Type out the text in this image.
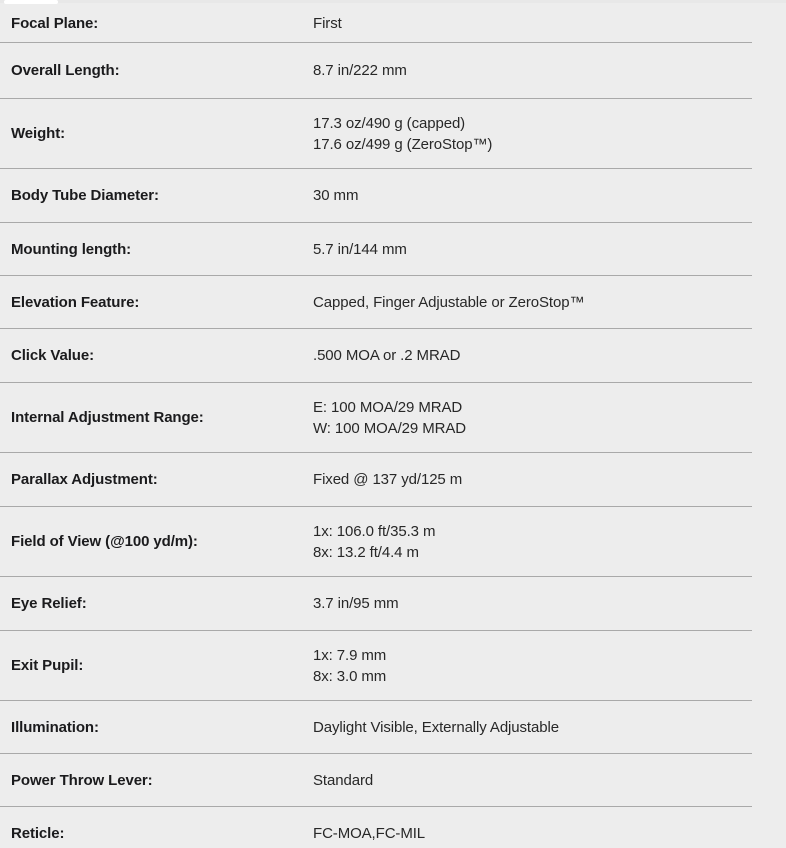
Focal Plane:	First
Overall Length:	8.7 in/222 mm
Weight:
17.3 oz/490 g (capped)
17.6 oz/499 g (ZeroStop™)
Body Tube Diameter:	30 mm
Mounting length:	5.7 in/144 mm
Elevation Feature:	Capped, Finger Adjustable or ZeroStop™
Click Value:	.500 MOA or .2 MRAD
Internal Adjustment Range:
E: 100 MOA/29 MRAD
W: 100 MOA/29 MRAD
Parallax Adjustment:	Fixed @ 137 yd/125 m
Field of View (@100 yd/m):
1x: 106.0 ft/35.3 m
8x: 13.2 ft/4.4 m
Eye Relief:	3.7 in/95 mm
Exit Pupil:
1x: 7.9 mm
8x: 3.0 mm
Illumination:	Daylight Visible, Externally Adjustable
Power Throw Lever:	Standard
Reticle:	FC-MOA,FC-MIL
